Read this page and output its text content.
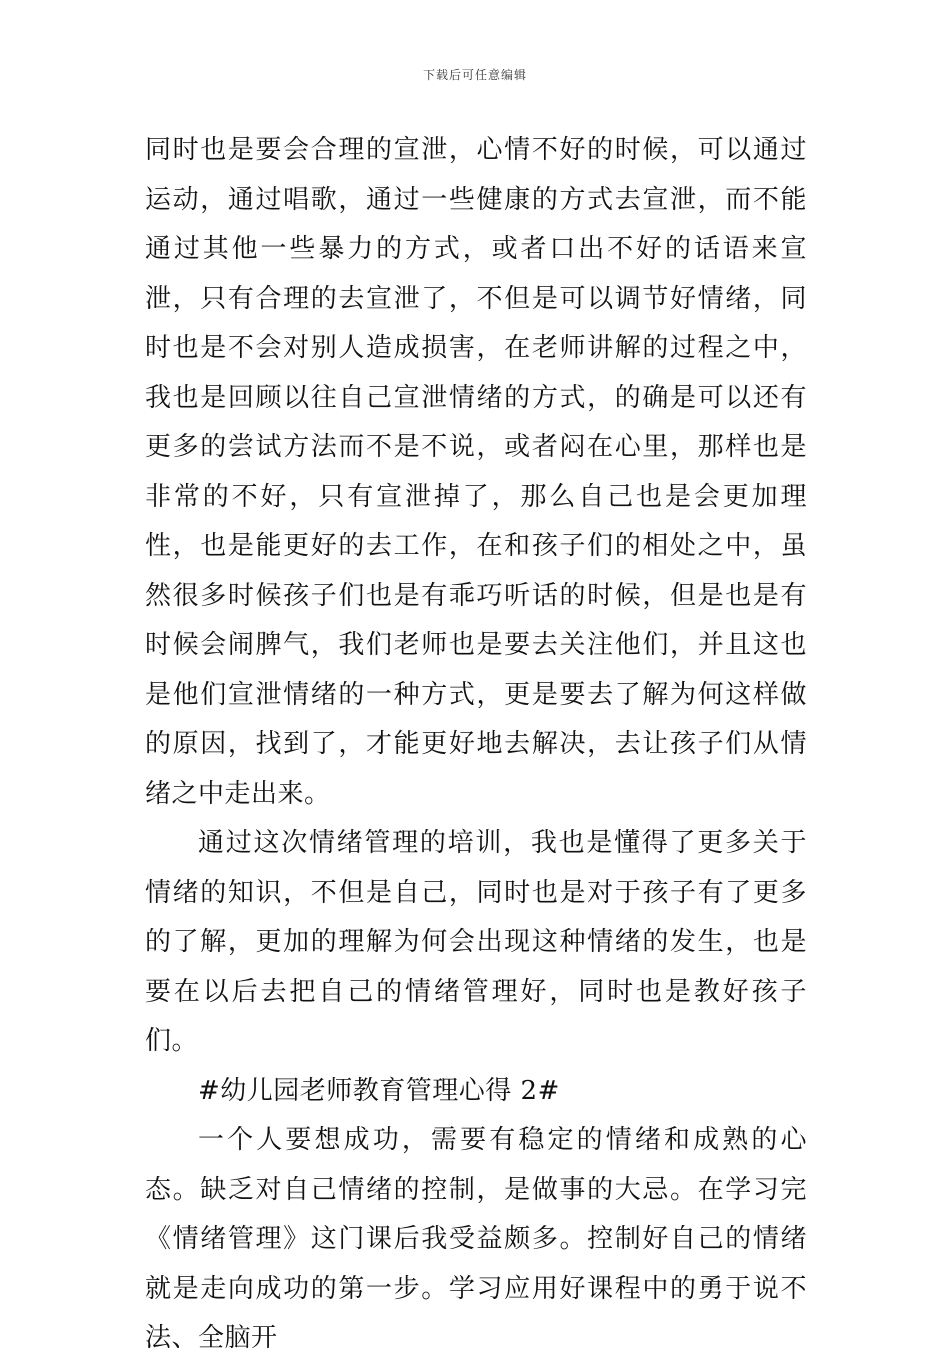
下载后可任意编辑

同时也是要会合理的宣泄，心情不好的时候，可以通过运动，通过唱歌，通过一些健康的方式去宣泄，而不能通过其他一些暴力的方式，或者口出不好的话语来宣泄，只有合理的去宣泄了，不但是可以调节好情绪，同时也是不会对别人造成损害，在老师讲解的过程之中，我也是回顾以往自己宣泄情绪的方式，的确是可以还有更多的尝试方法而不是不说，或者闷在心里，那样也是非常的不好，只有宣泄掉了，那么自己也是会更加理性，也是能更好的去工作，在和孩子们的相处之中，虽然很多时候孩子们也是有乖巧听话的时候，但是也是有时候会闹脾气，我们老师也是要去关注他们，并且这也是他们宣泄情绪的一种方式，更是要去了解为何这样做的原因，找到了，才能更好地去解决，去让孩子们从情绪之中走出来。

通过这次情绪管理的培训，我也是懂得了更多关于情绪的知识，不但是自己，同时也是对于孩子有了更多的了解，更加的理解为何会出现这种情绪的发生，也是要在以后去把自己的情绪管理好，同时也是教好孩子们。

#幼儿园老师教育管理心得 2#

一个人要想成功，需要有稳定的情绪和成熟的心态。缺乏对自己情绪的控制，是做事的大忌。在学习完《情绪管理》这门课后我受益颇多。控制好自己的情绪就是走向成功的第一步。学习应用好课程中的勇于说不法、全脑开
